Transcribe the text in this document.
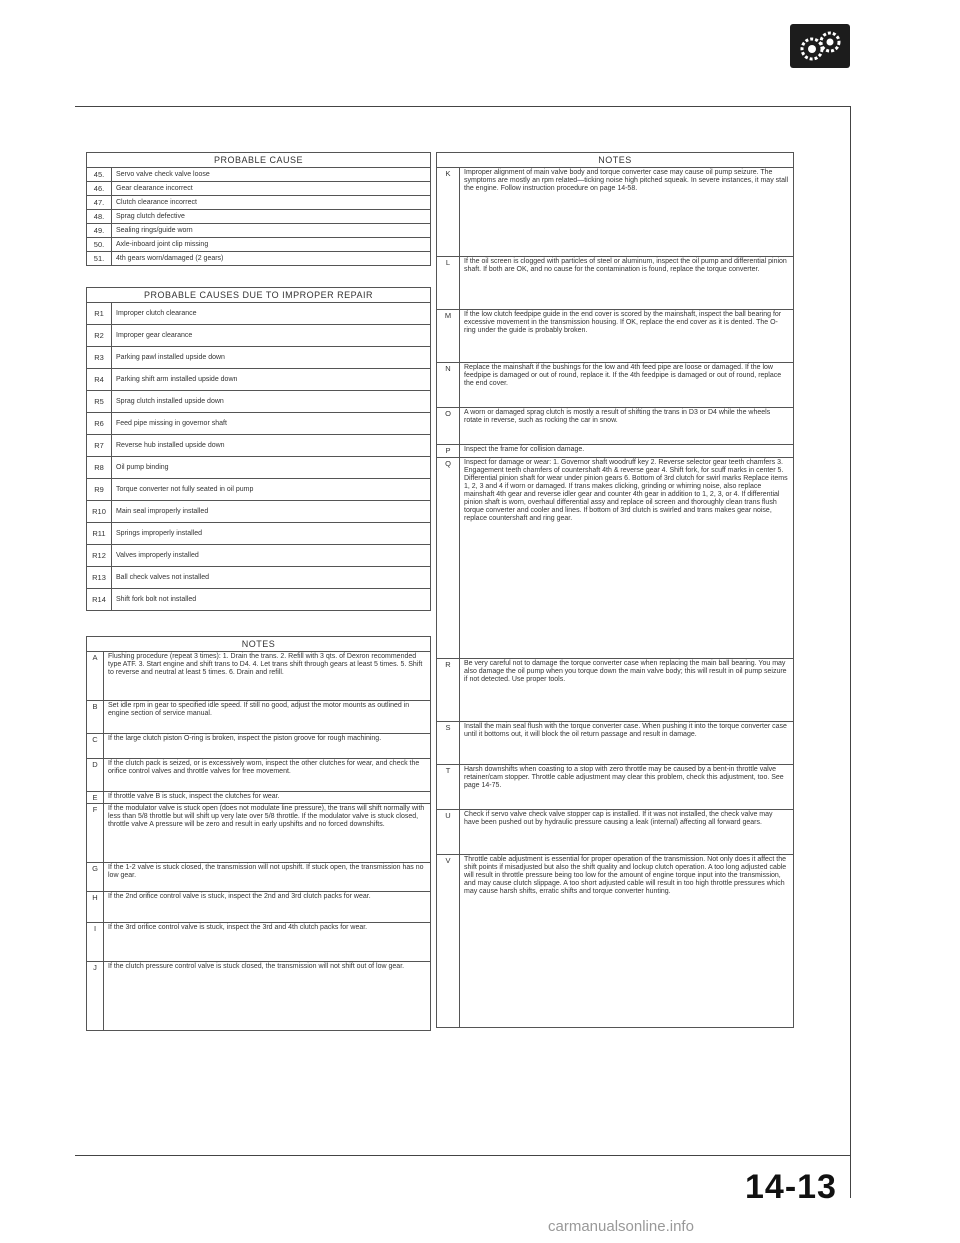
PROBABLE CAUSE	
45.	Servo valve check valve loose
46.	Gear clearance incorrect
47.	Clutch clearance incorrect
48.	Sprag clutch defective
49.	Sealing rings/guide worn
50.	Axle-inboard joint clip missing
51.	4th gears worn/damaged (2 gears)
PROBABLE CAUSES DUE TO IMPROPER REPAIR	
R1	Improper clutch clearance
R2	Improper gear clearance
R3	Parking pawl installed upside down
R4	Parking shift arm installed upside down
R5	Sprag clutch installed upside down
R6	Feed pipe missing in governor shaft
R7	Reverse hub installed upside down
R8	Oil pump binding
R9	Torque converter not fully seated in oil pump
R10	Main seal improperly installed
R11	Springs improperly installed
R12	Valves improperly installed
R13	Ball check valves not installed
R14	Shift fork bolt not installed
NOTES	
A	Flushing procedure (repeat 3 times): 1. Drain the trans. 2. Refill with 3 qts. of Dexron recommended type ATF. 3. Start engine and shift trans to D4. 4. Let trans shift through gears at least 5 times. 5. Shift to reverse and neutral at least 5 times. 6. Drain and refill.
B	Set idle rpm in gear to specified idle speed. If still no good, adjust the motor mounts as outlined in engine section of service manual.
C	If the large clutch piston O-ring is broken, inspect the piston groove for rough machining.
D	If the clutch pack is seized, or is excessively worn, inspect the other clutches for wear, and check the orifice control valves and throttle valves for free movement.
E	If throttle valve B is stuck, inspect the clutches for wear.
F	If the modulator valve is stuck open (does not modulate line pressure), the trans will shift normally with less than 5/8 throttle but will shift up very late over 5/8 throttle. If the modulator valve is stuck closed, throttle valve A pressure will be zero and result in early upshifts and no forced downshifts.
G	If the 1-2 valve is stuck closed, the transmission will not upshift. If stuck open, the transmission has no low gear.
H	If the 2nd orifice control valve is stuck, inspect the 2nd and 3rd clutch packs for wear.
I	If the 3rd orifice control valve is stuck, inspect the 3rd and 4th clutch packs for wear.
J	If the clutch pressure control valve is stuck closed, the transmission will not shift out of low gear.
NOTES	
K	Improper alignment of main valve body and torque converter case may cause oil pump seizure. The symptoms are mostly an rpm related—ticking noise high pitched squeak. In severe instances, it may stall the engine. Follow instruction procedure on page 14-58.
L	If the oil screen is clogged with particles of steel or aluminum, inspect the oil pump and differential pinion shaft. If both are OK, and no cause for the contamination is found, replace the torque converter.
M	If the low clutch feedpipe guide in the end cover is scored by the mainshaft, inspect the ball bearing for excessive movement in the transmission housing. If OK, replace the end cover as it is dented. The O-ring under the guide is probably broken.
N	Replace the mainshaft if the bushings for the low and 4th feed pipe are loose or damaged. If the low feedpipe is damaged or out of round, replace it. If the 4th feedpipe is damaged or out of round, replace the end cover.
O	A worn or damaged sprag clutch is mostly a result of shifting the trans in D3 or D4 while the wheels rotate in reverse, such as rocking the car in snow.
P	Inspect the frame for collision damage.
Q	Inspect for damage or wear: 1. Governor shaft woodruff key 2. Reverse selector gear teeth chamfers 3. Engagement teeth chamfers of countershaft 4th & reverse gear 4. Shift fork, for scuff marks in center 5. Differential pinion shaft for wear under pinion gears 6. Bottom of 3rd clutch for swirl marks Replace items 1, 2, 3 and 4 if worn or damaged. If trans makes clicking, grinding or whirring noise, also replace mainshaft 4th gear and reverse idler gear and counter 4th gear in addition to 1, 2, 3, or 4. If differential pinion shaft is worn, overhaul differential assy and replace oil screen and thoroughly clean trans flush torque converter and cooler and lines. If bottom of 3rd clutch is swirled and trans makes gear noise, replace countershaft and ring gear.
R	Be very careful not to damage the torque converter case when replacing the main ball bearing. You may also damage the oil pump when you torque down the main valve body; this will result in oil pump seizure if not detected. Use proper tools.
S	Install the main seal flush with the torque converter case. When pushing it into the torque converter case until it bottoms out, it will block the oil return passage and result in damage.
T	Harsh downshifts when coasting to a stop with zero throttle may be caused by a bent-in throttle valve retainer/cam stopper. Throttle cable adjustment may clear this problem, check this adjustment, too. See page 14-75.
U	Check if servo valve check valve stopper cap is installed. If it was not installed, the check valve may have been pushed out by hydraulic pressure causing a leak (internal) affecting all forward gears.
V	Throttle cable adjustment is essential for proper operation of the transmission. Not only does it affect the shift points if misadjusted but also the shift quality and lockup clutch operation. A too long adjusted cable will result in throttle pressure being too low for the amount of engine torque input into the transmission, and may cause clutch slippage. A too short adjusted cable will result in too high throttle pressures which may cause harsh shifts, erratic shifts and torque converter hunting.
14-13
carmanualsonline.info
